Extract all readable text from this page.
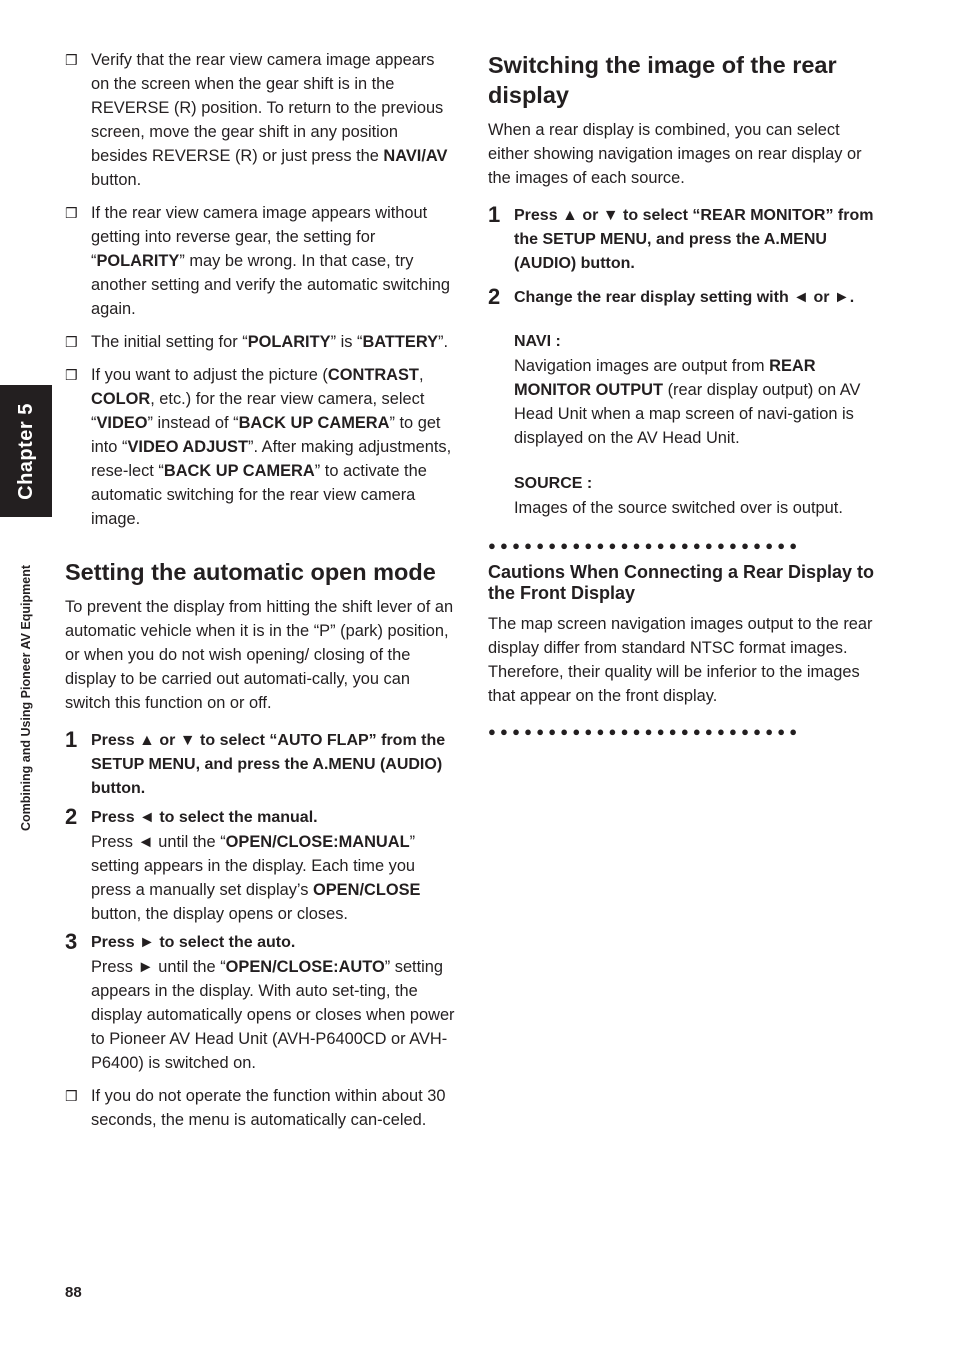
Chapter 5
Combining and Using Pioneer AV Equipment
❒ Verify that the rear view camera image appears on the screen when the gear shift is in the REVERSE (R) position. To return to the previous screen, move the gear shift in any position besides REVERSE (R) or just press the NAVI/AV button.

❒ If the rear view camera image appears without getting into reverse gear, the setting for “POLARITY” may be wrong. In that case, try another setting and verify the automatic switching again.

❒ The initial setting for “POLARITY” is “BATTERY”.

❒ If you want to adjust the picture (CONTRAST, COLOR, etc.) for the rear view camera, select “VIDEO” instead of “BACK UP CAMERA” to get into “VIDEO ADJUST”. After making adjustments, rese-lect “BACK UP CAMERA” to activate the automatic switching for the rear view camera image.

Setting the automatic open mode

To prevent the display from hitting the shift lever of an automatic vehicle when it is in the “P” (park) position, or when you do not wish opening/ closing of the display to be carried out automati-cally, you can switch this function on or off.

1 Press ▲ or ▼ to select “AUTO FLAP” from the SETUP MENU, and press the A.MENU (AUDIO) button.

2 Press ◄ to select the manual.

Press ◄ until the “OPEN/CLOSE:MANUAL” setting appears in the display. Each time you press a manually set display’s OPEN/CLOSE button, the display opens or closes.

3 Press ► to select the auto.

Press ► until the “OPEN/CLOSE:AUTO” setting appears in the display. With auto set-ting, the display automatically opens or closes when power to Pioneer AV Head Unit (AVH-P6400CD or AVH-P6400) is switched on.

❒ If you do not operate the function within about 30 seconds, the menu is automatically can-celed.

Switching the image of the rear display

When a rear display is combined, you can select either showing navigation images on rear display or the images of each source.

1 Press ▲ or ▼ to select “REAR MONITOR” from the SETUP MENU, and press the A.MENU (AUDIO) button.

2 Change the rear display setting with ◄ or ►.

NAVI :

Navigation images are output from REAR MONITOR OUTPUT (rear display output) on AV Head Unit when a map screen of navi-gation is displayed on the AV Head Unit.

SOURCE :

Images of the source switched over is output.

●●●●●●●●●●●●●●●●●●●●●●●●●●
Cautions When Connecting a Rear Display to the Front Display

The map screen navigation images output to the rear display differ from standard NTSC format images. Therefore, their quality will be inferior to the images that appear on the front display.

●●●●●●●●●●●●●●●●●●●●●●●●●●
88
